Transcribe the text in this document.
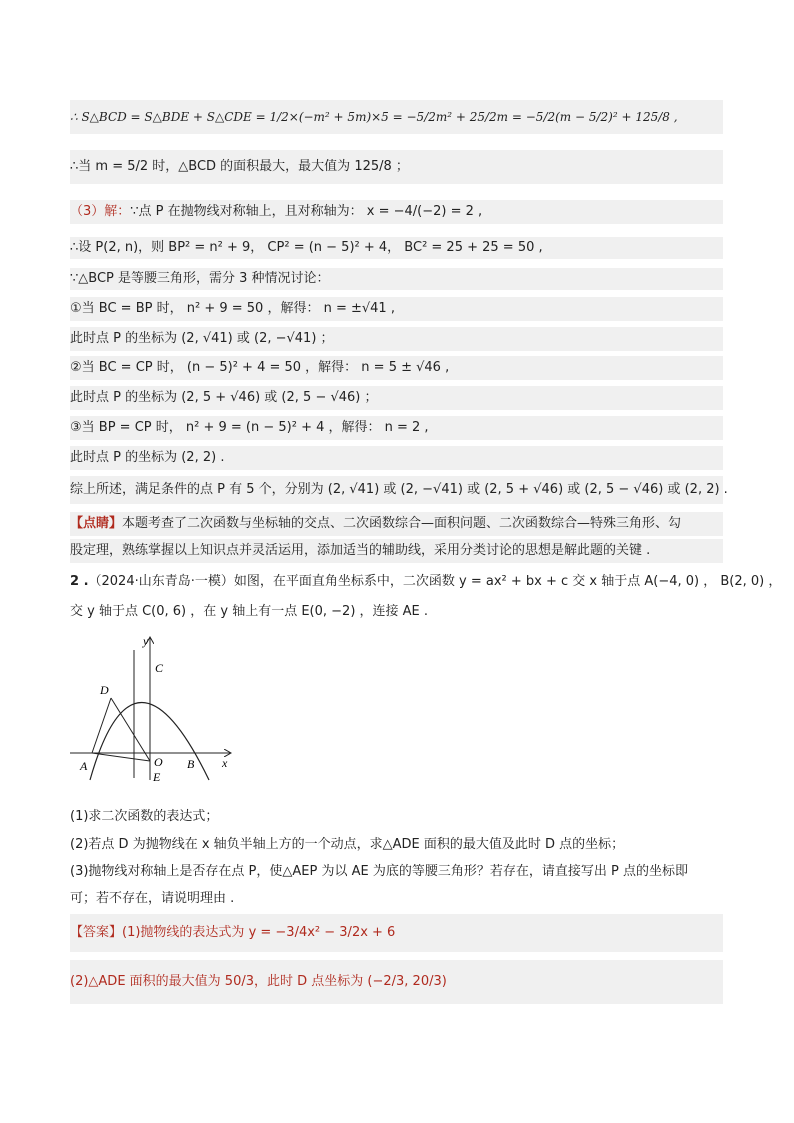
∴ S△BCD = S△BDE + S△CDE = 1/2×(−m² + 5m)×5 = −5/2m² + 25/2m = −5/2(m − 5/2)² + 125/8 ,
∴当 m = 5/2 时，△BCD 的面积最大，最大值为 125/8 ；
（3）解： ∵点 P 在抛物线对称轴上，且对称轴为： x = −4/(−2) = 2 ,
∴设 P(2, n)，则 BP² = n² + 9， CP² = (n − 5)² + 4， BC² = 25 + 25 = 50 ,
∵△BCP 是等腰三角形，需分 3 种情况讨论：
①当 BC = BP 时， n² + 9 = 50 ，解得： n = ±√41 ,
此时点 P 的坐标为 (2, √41) 或 (2, −√41) ；
②当 BC = CP 时， (n − 5)² + 4 = 50 ，解得： n = 5 ± √46 ,
此时点 P 的坐标为 (2, 5 + √46) 或 (2, 5 − √46) ；
③当 BP = CP 时， n² + 9 = (n − 5)² + 4 ，解得： n = 2 ,
此时点 P 的坐标为 (2, 2) .
综上所述，满足条件的点 P 有 5 个，分别为 (2, √41) 或 (2, −√41) 或 (2, 5 + √46) 或 (2, 5 − √46) 或 (2, 2) .
【点睛】 本题考查了二次函数与坐标轴的交点、二次函数综合—面积问题、二次函数综合—特殊三角形、勾
股定理，熟练掌握以上知识点并灵活运用，添加适当的辅助线，采用分类讨论的思想是解此题的关键 .
2 . （2024·山东青岛·一模） 如图，在平面直角坐标系中，二次函数 y = ax² + bx + c 交 x 轴于点 A(−4, 0) ， B(2, 0) ，
交 y 轴于点 C(0, 6) ，在 y 轴上有一点 E(0, −2) ，连接 AE .
y
x
C
D
A	O
E
B
(1)求二次函数的表达式；
(2)若点 D 为抛物线在 x 轴负半轴上方的一个动点，求△ADE 面积的最大值及此时 D 点的坐标；
(3)抛物线对称轴上是否存在点 P，使△AEP 为以 AE 为底的等腰三角形？若存在，请直接写出 P 点的坐标即
可；若不存在，请说明理由 .
【答案】 (1)抛物线的表达式为 y = −3/4x² − 3/2x + 6
(2)△ADE 面积的最大值为 50/3，此时 D 点坐标为 (−2/3, 20/3)
